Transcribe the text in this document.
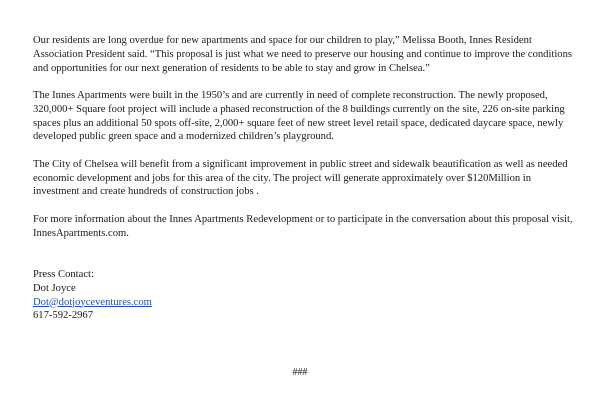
Our residents are long overdue for new apartments and space for our children to play,” Melissa Booth, Innes Resident Association President said. “This proposal is just what we need to preserve our housing and continue to improve the conditions and opportunities for our next generation of residents to be able to stay and grow in Chelsea.”

The Innes Apartments were built in the 1950’s and are currently in need of complete reconstruction. The newly proposed, 320,000+ Square foot project will include a phased reconstruction of the 8 buildings currently on the site, 226 on-site parking spaces plus an additional 50 spots off-site, 2,000+ square feet of new street level retail space, dedicated daycare space, newly developed public green space and a modernized children’s playground.

The City of Chelsea will benefit from a significant improvement in public street and sidewalk beautification as well as needed economic development and jobs for this area of the city. The project will generate approximately over $120Million in investment and create hundreds of construction jobs .

For more information about the Innes Apartments Redevelopment or to participate in the conversation about this proposal visit, InnesApartments.com.

Press Contact:
Dot Joyce
Dot@dotjoyceventures.com
617-592-2967
###
